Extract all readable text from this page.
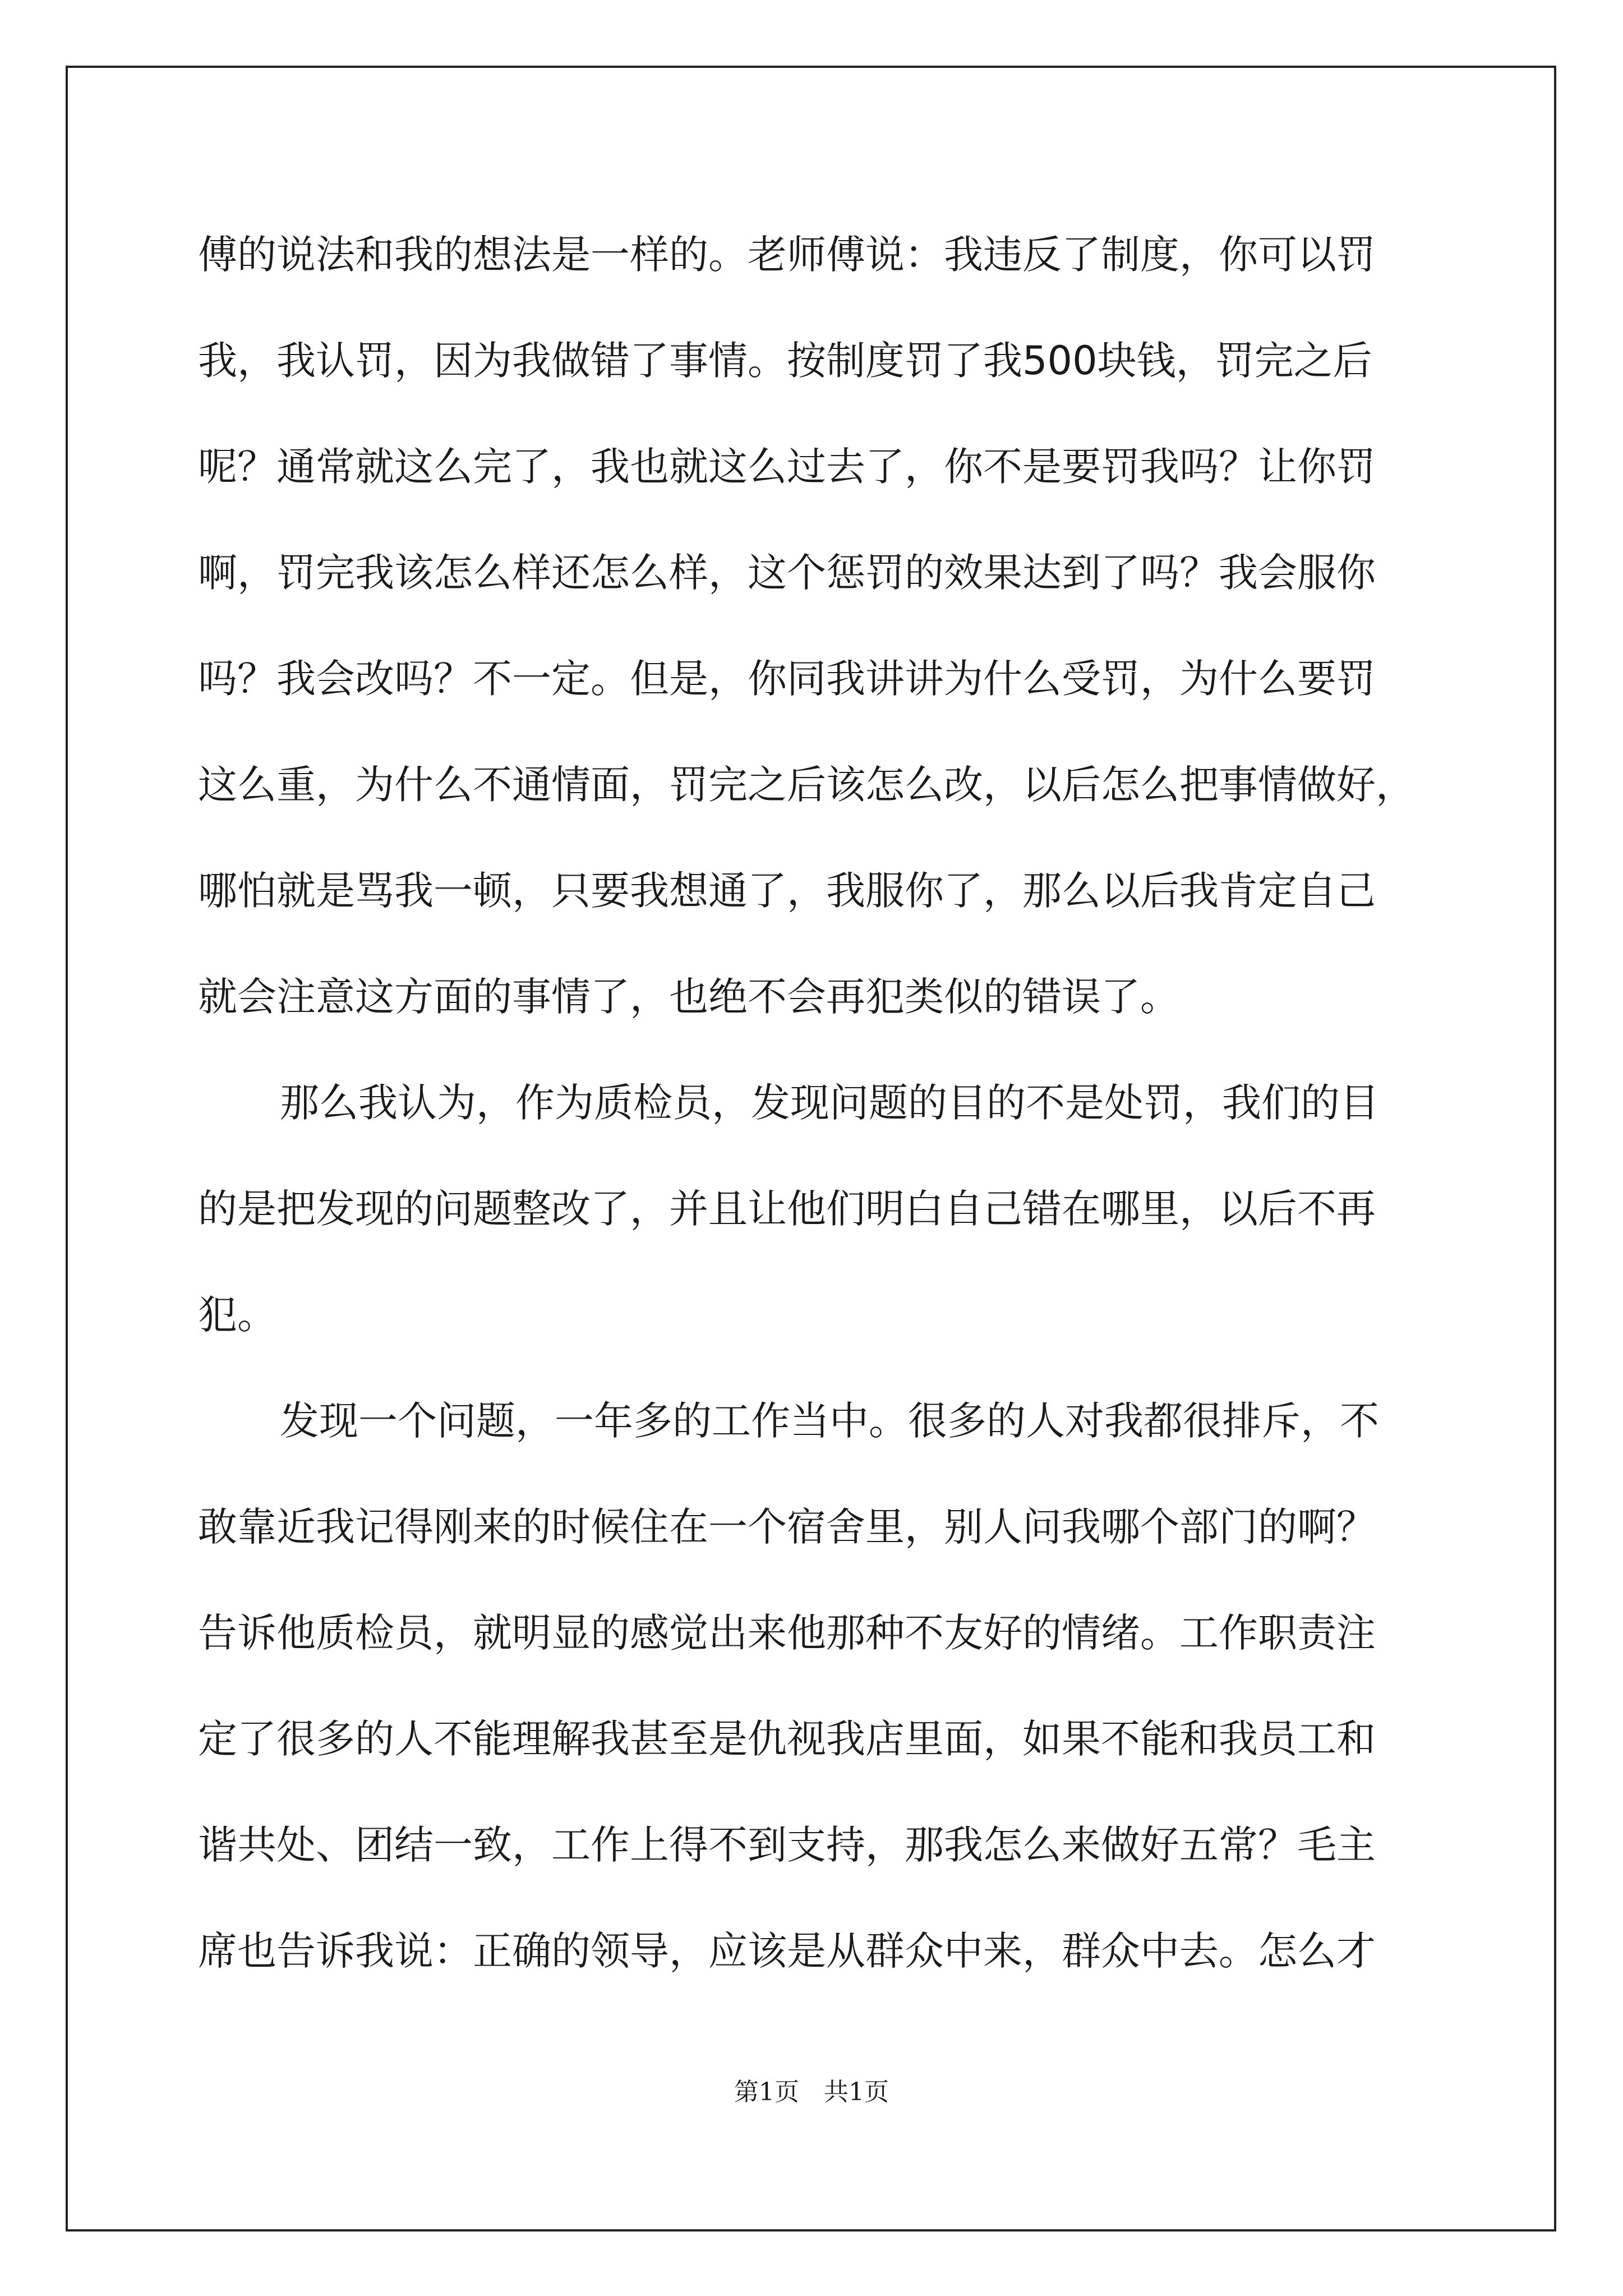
傅的说法和我的想法是一样的。老师傅说：我违反了制度，你可以罚
我，我认罚，因为我做错了事情。按制度罚了我500块钱，罚完之后
呢？通常就这么完了，我也就这么过去了，你不是要罚我吗？让你罚
啊，罚完我该怎么样还怎么样，这个惩罚的效果达到了吗？我会服你
吗？我会改吗？不一定。但是，你同我讲讲为什么受罚，为什么要罚
这么重，为什么不通情面，罚完之后该怎么改，以后怎么把事情做好，
哪怕就是骂我一顿，只要我想通了，我服你了，那么以后我肯定自己
就会注意这方面的事情了，也绝不会再犯类似的错误了。

那么我认为，作为质检员，发现问题的目的不是处罚，我们的目
的是把发现的问题整改了，并且让他们明白自己错在哪里，以后不再
犯。

发现一个问题，一年多的工作当中。很多的人对我都很排斥，不
敢靠近我记得刚来的时候住在一个宿舍里，别人问我哪个部门的啊？
告诉他质检员，就明显的感觉出来他那种不友好的情绪。工作职责注
定了很多的人不能理解我甚至是仇视我店里面，如果不能和我员工和
谐共处、团结一致，工作上得不到支持，那我怎么来做好五常？毛主
席也告诉我说：正确的领导，应该是从群众中来，群众中去。怎么才

第1页　共1页
